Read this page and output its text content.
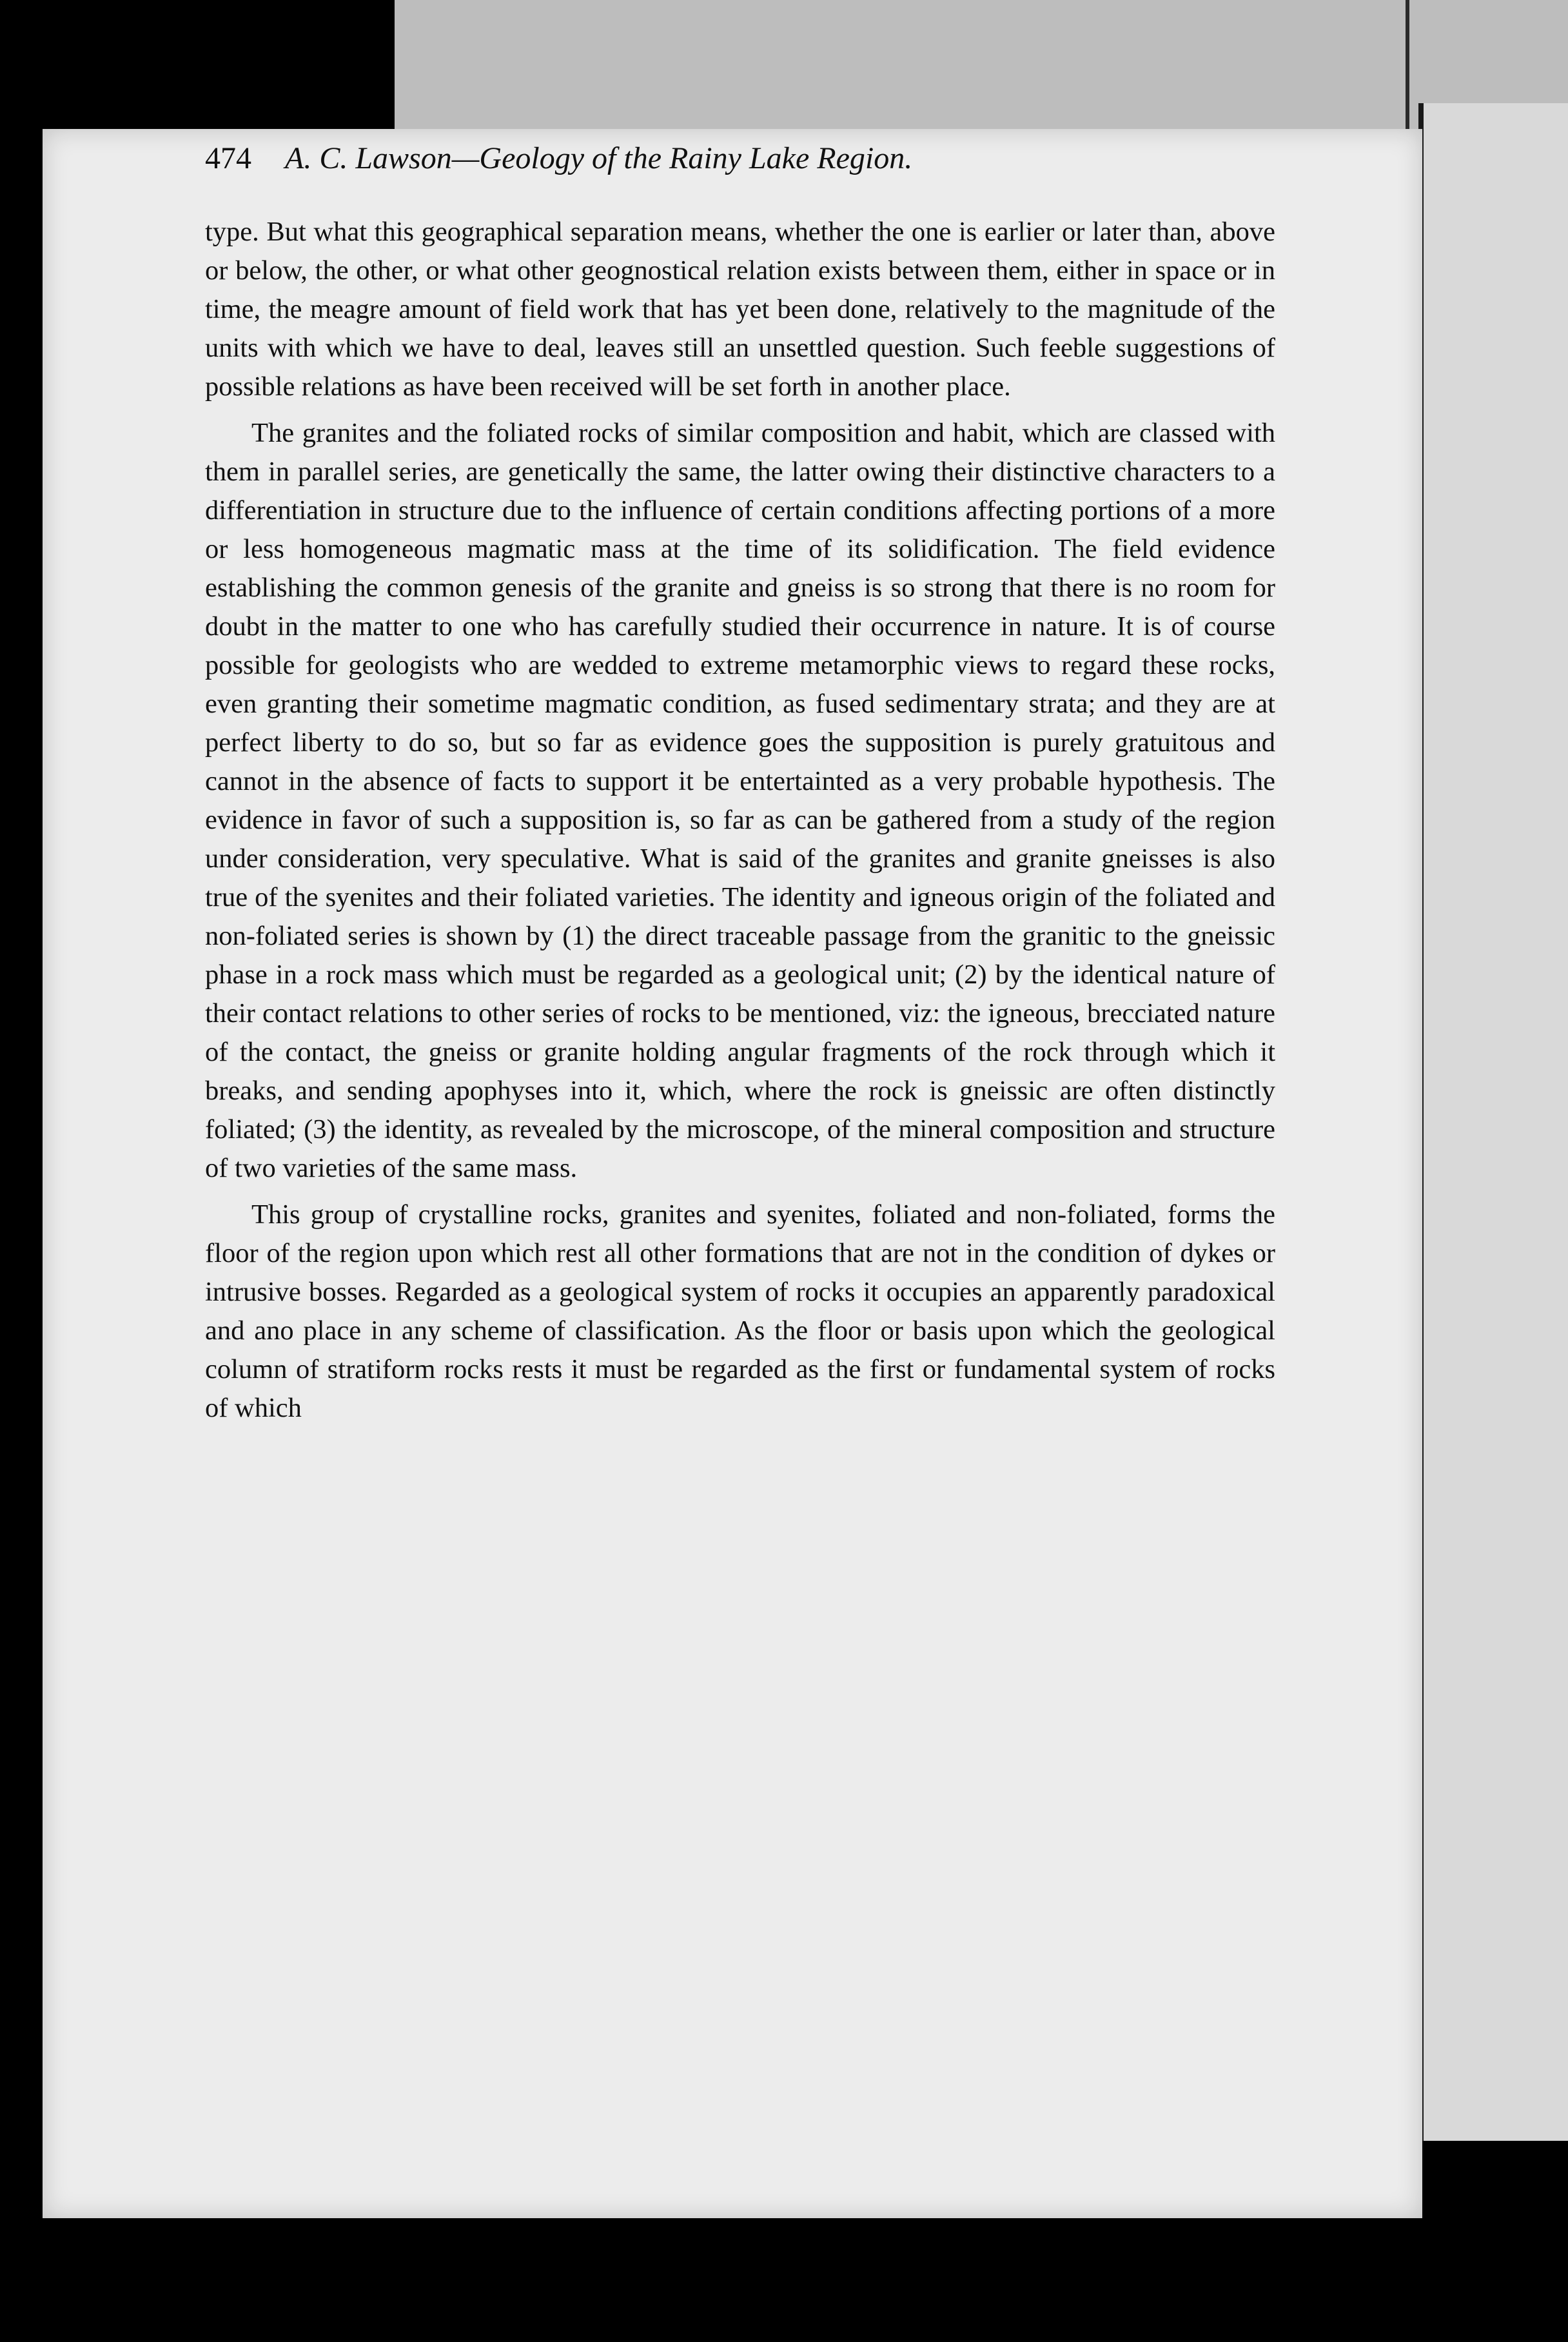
474 A. C. Lawson—Geology of the Rainy Lake Region.

type. But what this geographical separation means, whether the one is earlier or later than, above or below, the other, or what other geognostical relation exists between them, either in space or in time, the meagre amount of field work that has yet been done, relatively to the magnitude of the units with which we have to deal, leaves still an unsettled question. Such feeble suggestions of possible relations as have been received will be set forth in another place.

The granites and the foliated rocks of similar composition and habit, which are classed with them in parallel series, are genetically the same, the latter owing their distinctive characters to a differentiation in structure due to the influence of certain conditions affecting portions of a more or less homogeneous magmatic mass at the time of its solidification. The field evidence establishing the common genesis of the granite and gneiss is so strong that there is no room for doubt in the matter to one who has carefully studied their occurrence in nature. It is of course possible for geologists who are wedded to extreme metamorphic views to regard these rocks, even granting their sometime magmatic condition, as fused sedimentary strata; and they are at perfect liberty to do so, but so far as evidence goes the supposition is purely gratuitous and cannot in the absence of facts to support it be entertainted as a very probable hypothesis. The evidence in favor of such a supposition is, so far as can be gathered from a study of the region under consideration, very speculative. What is said of the granites and granite gneisses is also true of the syenites and their foliated varieties. The identity and igneous origin of the foliated and non-foliated series is shown by (1) the direct traceable passage from the granitic to the gneissic phase in a rock mass which must be regarded as a geological unit; (2) by the identical nature of their contact relations to other series of rocks to be mentioned, viz: the igneous, brecciated nature of the contact, the gneiss or granite holding angular fragments of the rock through which it breaks, and sending apophyses into it, which, where the rock is gneissic are often distinctly foliated; (3) the identity, as revealed by the microscope, of the mineral composition and structure of two varieties of the same mass.

This group of crystalline rocks, granites and syenites, foliated and non-foliated, forms the floor of the region upon which rest all other formations that are not in the condition of dykes or intrusive bosses. Regarded as a geological system of rocks it occupies an apparently paradoxical and ano place in any scheme of classification. As the floor or basis upon which the geological column of stratiform rocks rests it must be regarded as the first or fundamental system of rocks of which
